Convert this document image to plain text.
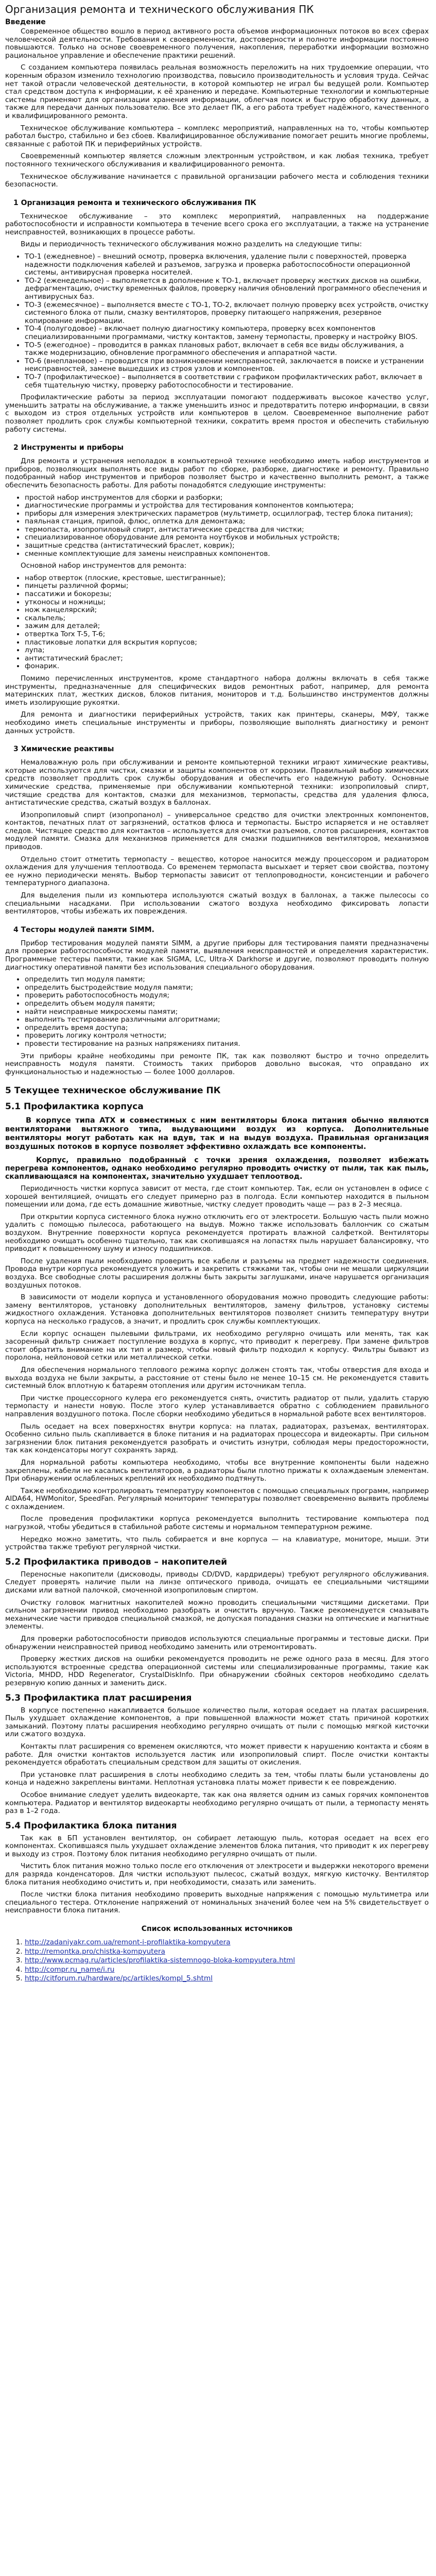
Организация ремонта и технического обслуживания ПК
Введение

Современное общество вошло в период активного роста объемов информационных потоков во всех сферах человеческой деятельности. Требования к своевременности, достоверности и полноте информации постоянно повышаются. Только на основе своевременного получения, накопления, переработки информации возможно рациональное управление и обеспечение практики решений.

С созданием компьютера появилась реальная возможность переложить на них трудоемкие операции, что коренным образом изменило технологию производства, повысило производительность и условия труда. Сейчас нет такой отрасли человеческой деятельности, в которой компьютер не играл бы ведущей роли. Компьютер стал средством доступа к информации, к её хранению и передаче. Компьютерные технологии и компьютерные системы применяют для организации хранения информации, облегчая поиск и быструю обработку данных, а также для передачи данных пользователю. Все это делает ПК, а его работа требует надёжного, качественного и квалифицированного ремонта.

Техническое обслуживание компьютера – комплекс мероприятий, направленных на то, чтобы компьютер работал быстро, стабильно и без сбоев. Квалифицированное обслуживание помогает решить многие проблемы, связанные с работой ПК и периферийных устройств.

Своевременный компьютер является сложным электронным устройством, и как любая техника, требует постоянного технического обслуживания и квалифицированного ремонта.

Техническое обслуживание начинается с правильной организации рабочего места и соблюдения техники безопасности.

1 Организация ремонта и технического обслуживания ПК

Техническое обслуживание – это комплекс мероприятий, направленных на поддержание работоспособности и исправности компьютера в течение всего срока его эксплуатации, а также на устранение неисправностей, возникающих в процессе работы.

Виды и периодичность технического обслуживания можно разделить на следующие типы:

• ТО-1 (ежедневное) – внешний осмотр, проверка включения, удаление пыли с поверхностей, проверка надежности подключения кабелей и разъемов, загрузка и проверка работоспособности операционной системы, антивирусная проверка носителей.
• ТО-2 (еженедельное) – выполняется в дополнение к ТО-1, включает проверку жестких дисков на ошибки, дефрагментацию, очистку временных файлов, проверку наличия обновлений программного обеспечения и антивирусных баз.
• ТО-3 (ежемесячное) – выполняется вместе с ТО-1, ТО-2, включает полную проверку всех устройств, очистку системного блока от пыли, смазку вентиляторов, проверку питающего напряжения, резервное копирование информации.
• ТО-4 (полугодовое) – включает полную диагностику компьютера, проверку всех компонентов специализированными программами, чистку контактов, замену термопасты, проверку и настройку BIOS.
• ТО-5 (ежегодное) – проводится в рамках плановых работ, включает в себя все виды обслуживания, а также модернизацию, обновление программного обеспечения и аппаратной части.
• ТО-6 (внеплановое) – проводится при возникновении неисправностей, заключается в поиске и устранении неисправностей, замене вышедших из строя узлов и компонентов.
• ТО-7 (профилактическое) – выполняется в соответствии с графиком профилактических работ, включает в себя тщательную чистку, проверку работоспособности и тестирование.

Профилактические работы за период эксплуатации помогают поддерживать высокое качество услуг, уменьшить затраты на обслуживание, а также уменьшить износ и предотвратить потерю информации, в связи с выходом из строя отдельных устройств или компьютеров в целом. Своевременное выполнение работ позволяет продлить срок службы компьютерной техники, сократить время простоя и обеспечить стабильную работу системы.

2 Инструменты и приборы

Для ремонта и устранения неполадок в компьютерной технике необходимо иметь набор инструментов и приборов, позволяющих выполнять все виды работ по сборке, разборке, диагностике и ремонту. Правильно подобранный набор инструментов и приборов позволяет быстро и качественно выполнить ремонт, а также обеспечить безопасность работы. Для работы понадобятся следующие инструменты:

• простой набор инструментов для сборки и разборки;
• диагностические программы и устройства для тестирования компонентов компьютера;
• приборы для измерения электрических параметров (мультиметр, осциллограф, тестер блока питания);
• паяльная станция, припой, флюс, оплетка для демонтажа;
• термопаста, изопропиловый спирт, антистатические средства для чистки;
• специализированное оборудование для ремонта ноутбуков и мобильных устройств;
• защитные средства (антистатический браслет, коврик);
• сменные комплектующие для замены неисправных компонентов.

Основной набор инструментов для ремонта:

• набор отверток (плоские, крестовые, шестигранные);
• пинцеты различной формы;
• пассатижи и бокорезы;
• утконосы и ножницы;
• нож канцелярский;
• скальпель;
• зажим для деталей;
• отвертка Torx T-5, T-6;
• пластиковые лопатки для вскрытия корпусов;
• лупа;
• антистатический браслет;
• фонарик.

Помимо перечисленных инструментов, кроме стандартного набора должны включать в себя также инструменты, предназначенные для специфических видов ремонтных работ, например, для ремонта материнских плат, жестких дисков, блоков питания, мониторов и т.д. Большинство инструментов должны иметь изолирующие рукоятки.

Для ремонта и диагностики периферийных устройств, таких как принтеры, сканеры, МФУ, также необходимо иметь специальные инструменты и приборы, позволяющие выполнять диагностику и ремонт данных устройств.

3 Химические реактивы

Немаловажную роль при обслуживании и ремонте компьютерной техники играют химические реактивы, которые используются для чистки, смазки и защиты компонентов от коррозии. Правильный выбор химических средств позволяет продлить срок службы оборудования и обеспечить его надежную работу. Основные химические средства, применяемые при обслуживании компьютерной техники: изопропиловый спирт, чистящие средства для контактов, смазки для механизмов, термопасты, средства для удаления флюса, антистатические средства, сжатый воздух в баллонах.

Изопропиловый спирт (изопропанол) – универсальное средство для очистки электронных компонентов, контактов, печатных плат от загрязнений, остатков флюса и термопасты. Быстро испаряется и не оставляет следов. Чистящее средство для контактов – используется для очистки разъемов, слотов расширения, контактов модулей памяти. Смазка для механизмов применяется для смазки подшипников вентиляторов, механизмов приводов.

Отдельно стоит отметить термопасту – вещество, которое наносится между процессором и радиатором охлаждения для улучшения теплоотвода. Со временем термопаста высыхает и теряет свои свойства, поэтому ее нужно периодически менять. Выбор термопасты зависит от теплопроводности, консистенции и рабочего температурного диапазона.

Для выделения пыли из компьютера используются сжатый воздух в баллонах, а также пылесосы со специальными насадками. При использовании сжатого воздуха необходимо фиксировать лопасти вентиляторов, чтобы избежать их повреждения.

4 Тесторы модулей памяти SIMM.

Прибор тестирования модулей памяти SIMM, а другие приборы для тестирования памяти предназначены для проверки работоспособности модулей памяти, выявления неисправностей и определения характеристик. Программные тестеры памяти, такие как SIGMA, LC, Ultra-X Darkhorse и другие, позволяют проводить полную диагностику оперативной памяти без использования специального оборудования.

• определить тип модуля памяти;
• определить быстродействие модуля памяти;
• проверить работоспособность модуля;
• определить объем модуля памяти;
• найти неисправные микросхемы памяти;
• выполнить тестирование различными алгоритмами;
• определить время доступа;
• проверить логику контроля четности;
• провести тестирование на разных напряжениях питания.

Эти приборы крайне необходимы при ремонте ПК, так как позволяют быстро и точно определить неисправность модуля памяти. Стоимость таких приборов довольно высокая, что оправдано их функциональностью и надежностью — более 1000 долларов.

5 Текущее техническое обслуживание ПК
5.1 Профилактика корпуса

В корпусе типа ATX и совместимых с ним вентиляторы блока питания обычно являются вентиляторами вытяжного типа, выдувающими воздух из корпуса. Дополнительные вентиляторы могут работать как на вдув, так и на выдув воздуха. Правильная организация воздушных потоков в корпусе позволяет эффективно охлаждать все компоненты.

Корпус, правильно подобранный с точки зрения охлаждения, позволяет избежать перегрева компонентов, однако необходимо регулярно проводить очистку от пыли, так как пыль, скапливающаяся на компонентах, значительно ухудшает теплоотвод.

Периодичность чистки корпуса зависит от места, где стоит компьютер. Так, если он установлен в офисе с хорошей вентиляцией, очищать его следует примерно раз в полгода. Если компьютер находится в пыльном помещении или дома, где есть домашние животные, чистку следует проводить чаще — раз в 2–3 месяца.

При открытии корпуса системного блока нужно отключить его от электросети. Большую часть пыли можно удалить с помощью пылесоса, работающего на выдув. Можно также использовать баллончик со сжатым воздухом. Внутренние поверхности корпуса рекомендуется протирать влажной салфеткой. Вентиляторы необходимо очищать особенно тщательно, так как скопившаяся на лопастях пыль нарушает балансировку, что приводит к повышенному шуму и износу подшипников.

После удаления пыли необходимо проверить все кабели и разъемы на предмет надежности соединения. Провода внутри корпуса рекомендуется уложить и закрепить стяжками так, чтобы они не мешали циркуляции воздуха. Все свободные слоты расширения должны быть закрыты заглушками, иначе нарушается организация воздушных потоков.

В зависимости от модели корпуса и установленного оборудования можно проводить следующие работы: замену вентиляторов, установку дополнительных вентиляторов, замену фильтров, установку системы жидкостного охлаждения. Установка дополнительных вентиляторов позволяет снизить температуру внутри корпуса на несколько градусов, а значит, и продлить срок службы комплектующих.

Если корпус оснащен пылевыми фильтрами, их необходимо регулярно очищать или менять, так как засоренный фильтр снижает поступление воздуха в корпус, что приводит к перегреву. При замене фильтров стоит обратить внимание на их тип и размер, чтобы новый фильтр подходил к корпусу. Фильтры бывают из поролона, нейлоновой сетки или металлической сетки.

Для обеспечения нормального теплового режима корпус должен стоять так, чтобы отверстия для входа и выхода воздуха не были закрыты, а расстояние от стены было не менее 10–15 см. Не рекомендуется ставить системный блок вплотную к батареям отопления или другим источникам тепла.

При чистке процессорного кулера его рекомендуется снять, очистить радиатор от пыли, удалить старую термопасту и нанести новую. После этого кулер устанавливается обратно с соблюдением правильного направления воздушного потока. После сборки необходимо убедиться в нормальной работе всех вентиляторов.

Пыль оседает на всех поверхностях внутри корпуса: на платах, радиаторах, разъемах, вентиляторах. Особенно сильно пыль скапливается в блоке питания и на радиаторах процессора и видеокарты. При сильном загрязнении блок питания рекомендуется разобрать и очистить изнутри, соблюдая меры предосторожности, так как конденсаторы могут сохранять заряд.

Для нормальной работы компьютера необходимо, чтобы все внутренние компоненты были надежно закреплены, кабели не касались вентиляторов, а радиаторы были плотно прижаты к охлаждаемым элементам. При обнаружении ослабленных креплений их необходимо подтянуть.

Также необходимо контролировать температуру компонентов с помощью специальных программ, например AIDA64, HWMonitor, SpeedFan. Регулярный мониторинг температуры позволяет своевременно выявить проблемы с охлаждением.

После проведения профилактики корпуса рекомендуется выполнить тестирование компьютера под нагрузкой, чтобы убедиться в стабильной работе системы и нормальном температурном режиме.

Нередко можно заметить, что пыль собирается и вне корпуса — на клавиатуре, мониторе, мыши. Эти устройства также требуют регулярной чистки.

5.2 Профилактика приводов – накопителей

Переносные накопители (дисководы, приводы CD/DVD, кардридеры) требуют регулярного обслуживания. Следует проверять наличие пыли на линзе оптического привода, очищать ее специальными чистящими дисками или ватной палочкой, смоченной изопропиловым спиртом.

Очистку головок магнитных накопителей можно проводить специальными чистящими дискетами. При сильном загрязнении привод необходимо разобрать и очистить вручную. Также рекомендуется смазывать механические части приводов специальной смазкой, не допуская попадания смазки на оптические и магнитные элементы.

Для проверки работоспособности приводов используются специальные программы и тестовые диски. При обнаружении неисправностей привод необходимо заменить или отремонтировать.

Проверку жестких дисков на ошибки рекомендуется проводить не реже одного раза в месяц. Для этого используются встроенные средства операционной системы или специализированные программы, такие как Victoria, MHDD, HDD Regenerator, CrystalDiskInfo. При обнаружении сбойных секторов необходимо сделать резервную копию данных и заменить диск.

5.3 Профилактика плат расширения

В корпусе постепенно накапливается большое количество пыли, которая оседает на платах расширения. Пыль ухудшает охлаждение компонентов, а при повышенной влажности может стать причиной коротких замыканий. Поэтому платы расширения необходимо регулярно очищать от пыли с помощью мягкой кисточки или сжатого воздуха.

Контакты плат расширения со временем окисляются, что может привести к нарушению контакта и сбоям в работе. Для очистки контактов используется ластик или изопропиловый спирт. После очистки контакты рекомендуется обработать специальным средством для защиты от окисления.

При установке плат расширения в слоты необходимо следить за тем, чтобы платы были установлены до конца и надежно закреплены винтами. Неплотная установка платы может привести к ее повреждению.

Особое внимание следует уделить видеокарте, так как она является одним из самых горячих компонентов компьютера. Радиатор и вентилятор видеокарты необходимо регулярно очищать от пыли, а термопасту менять раз в 1–2 года.

5.4 Профилактика блока питания

Так как в БП установлен вентилятор, он собирает летающую пыль, которая оседает на всех его компонентах. Скопившаяся пыль ухудшает охлаждение элементов блока питания, что приводит к их перегреву и выходу из строя. Поэтому блок питания необходимо регулярно очищать от пыли.

Чистить блок питания можно только после его отключения от электросети и выдержки некоторого времени для разряда конденсаторов. Для чистки используют пылесос, сжатый воздух, мягкую кисточку. Вентилятор блока питания необходимо очистить и, при необходимости, смазать или заменить.

После чистки блока питания необходимо проверить выходные напряжения с помощью мультиметра или специального тестера. Отклонение напряжений от номинальных значений более чем на 5% свидетельствует о неисправности блока питания.

Список использованных источников
1. http://zadaniyakr.com.ua/remont-i-profilaktika-kompyutera
2. http://remontka.pro/chistka-kompyutera
3. http://www.pcmag.ru/articles/profilaktika-sistemnogo-bloka-kompyutera.html
4. http://compr.ru_name/i.ru
5. http://citforum.ru/hardware/pc/artikles/kompl_5.shtml
